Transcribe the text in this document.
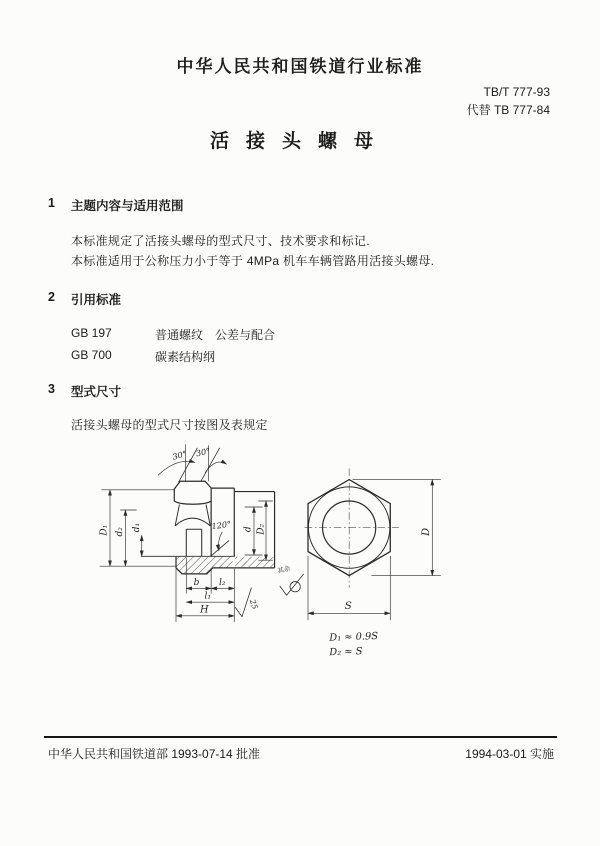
中华人民共和国铁道行业标准
TB/T 777-93
代替 TB 777-84
活接头螺母
1 主题内容与适用范围
本标准规定了活接头螺母的型式尺寸、技术要求和标记.
本标准适用于公称压力小于等于 4MPa 机车车辆管路用活接头螺母.
2 引用标准
GB 197	普通螺纹　公差与配合
GB 700	碳素结构纲
3 型式尺寸
活接头螺母的型式尺寸按图及表规定
30° 30°
120°
25
D₁ d₂ d₁	d D₂
b l₂
l₁
H
D
S
其余
D₁ ≈ 0.9S
D₂ ≈ S
中华人民共和国铁道部 1993-07-14 批准	1994-03-01 实施
